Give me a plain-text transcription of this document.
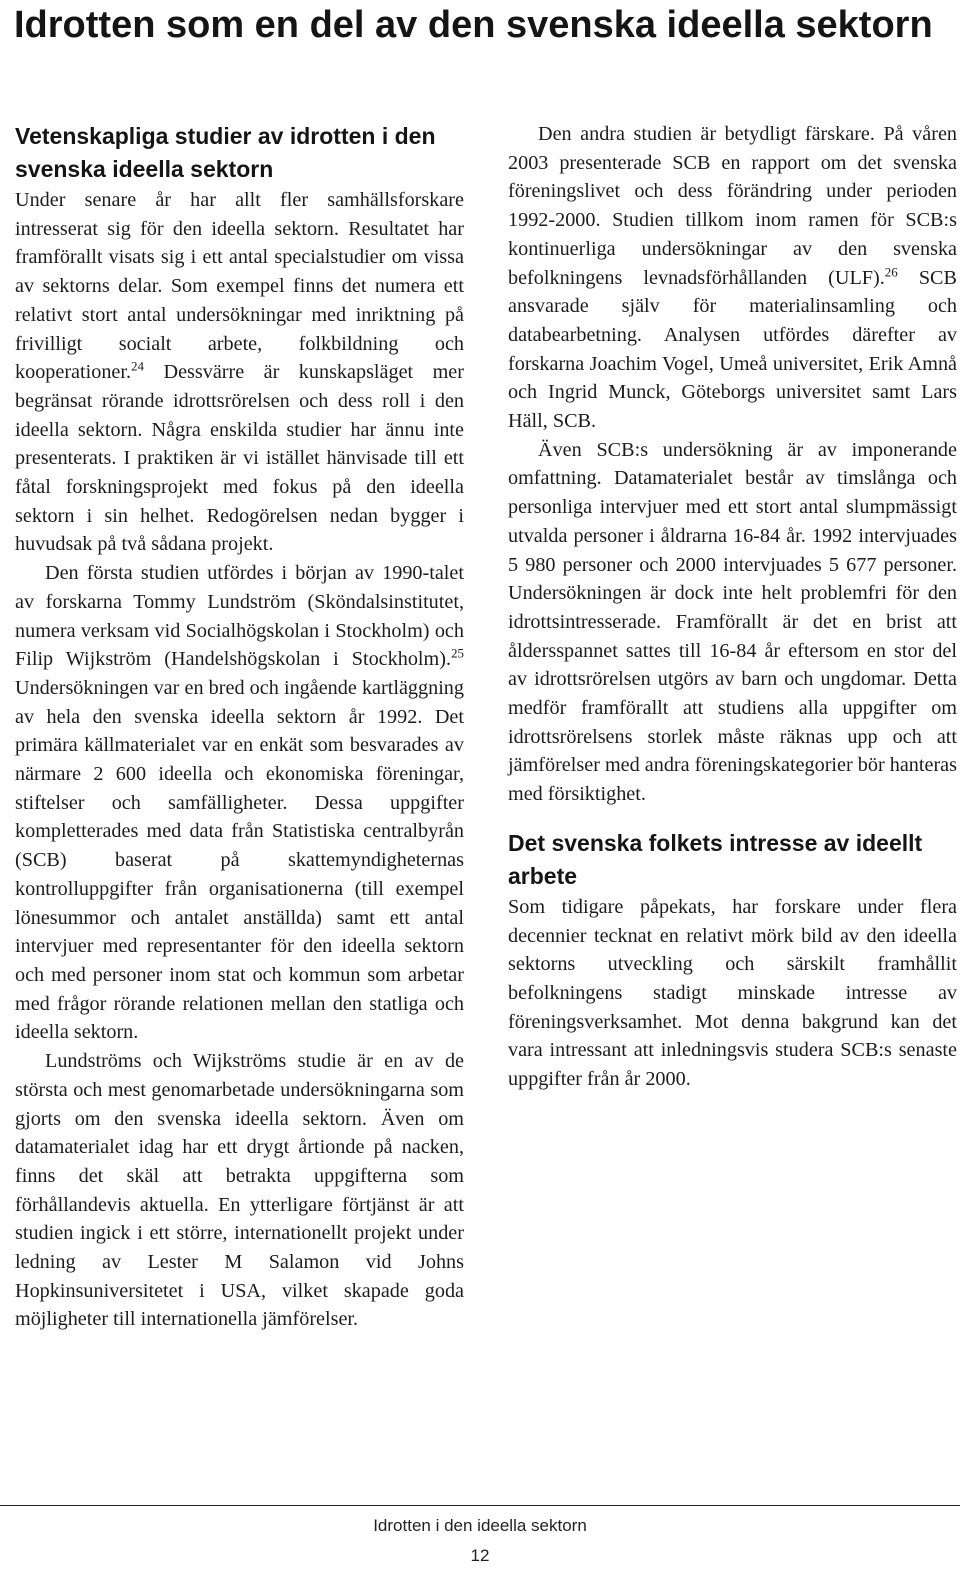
Idrotten som en del av den svenska ideella sektorn
Vetenskapliga studier av idrotten i den svenska ideella sektorn

Under senare år har allt fler samhällsforskare intresserat sig för den ideella sektorn. Resultatet har framförallt visats sig i ett antal specialstudier om vissa av sektorns delar. Som exempel finns det numera ett relativt stort antal undersökningar med inriktning på frivilligt socialt arbete, folkbildning och kooperationer.$^{24}$ Dessvärre är kunskapsläget mer begränsat rörande idrottsrörelsen och dess roll i den ideella sektorn. Några enskilda studier har ännu inte presenterats. I praktiken är vi istället hänvisade till ett fåtal forskningsprojekt med fokus på den ideella sektorn i sin helhet. Redogörelsen nedan bygger i huvudsak på två sådana projekt.

Den första studien utfördes i början av 1990-talet av forskarna Tommy Lundström (Sköndalsinstitutet, numera verksam vid Socialhögskolan i Stockholm) och Filip Wijkström (Handelshögskolan i Stockholm).$^{25}$ Undersökningen var en bred och ingående kartläggning av hela den svenska ideella sektorn år 1992. Det primära källmaterialet var en enkät som besvarades av närmare 2 600 ideella och ekonomiska föreningar, stiftelser och samfälligheter. Dessa uppgifter kompletterades med data från Statistiska centralbyrån (SCB) baserat på skattemyndigheternas kontrolluppgifter från organisationerna (till exempel lönesummor och antalet anställda) samt ett antal intervjuer med representanter för den ideella sektorn och med personer inom stat och kommun som arbetar med frågor rörande relationen mellan den statliga och ideella sektorn.

Lundströms och Wijkströms studie är en av de största och mest genomarbetade undersökningarna som gjorts om den svenska ideella sektorn. Även om datamaterialet idag har ett drygt årtionde på nacken, finns det skäl att betrakta uppgifterna som förhållandevis aktuella. En ytterligare förtjänst är att studien ingick i ett större, internationellt projekt under ledning av Lester M Salamon vid Johns Hopkinsuniversitetet i USA, vilket skapade goda möjligheter till internationella jämförelser.

Den andra studien är betydligt färskare. På våren 2003 presenterade SCB en rapport om det svenska föreningslivet och dess förändring under perioden 1992-2000. Studien tillkom inom ramen för SCB:s kontinuerliga undersökningar av den svenska befolkningens levnadsförhållanden (ULF).$^{26}$ SCB ansvarade själv för materialinsamling och databearbetning. Analysen utfördes därefter av forskarna Joachim Vogel, Umeå universitet, Erik Amnå och Ingrid Munck, Göteborgs universitet samt Lars Häll, SCB.

Även SCB:s undersökning är av imponerande omfattning. Datamaterialet består av timslånga och personliga intervjuer med ett stort antal slumpmässigt utvalda personer i åldrarna 16-84 år. 1992 intervjuades 5 980 personer och 2000 intervjuades 5 677 personer. Undersökningen är dock inte helt problemfri för den idrottsintresserade. Framförallt är det en brist att åldersspannet sattes till 16-84 år eftersom en stor del av idrottsrörelsen utgörs av barn och ungdomar. Detta medför framförallt att studiens alla uppgifter om idrottsrörelsens storlek måste räknas upp och att jämförelser med andra föreningskategorier bör hanteras med försiktighet.

Det svenska folkets intresse av ideellt arbete

Som tidigare påpekats, har forskare under flera decennier tecknat en relativt mörk bild av den ideella sektorns utveckling och särskilt framhållit befolkningens stadigt minskade intresse av föreningsverksamhet. Mot denna bakgrund kan det vara intressant att inledningsvis studera SCB:s senaste uppgifter från år 2000.

Idrotten i den ideella sektorn
12
